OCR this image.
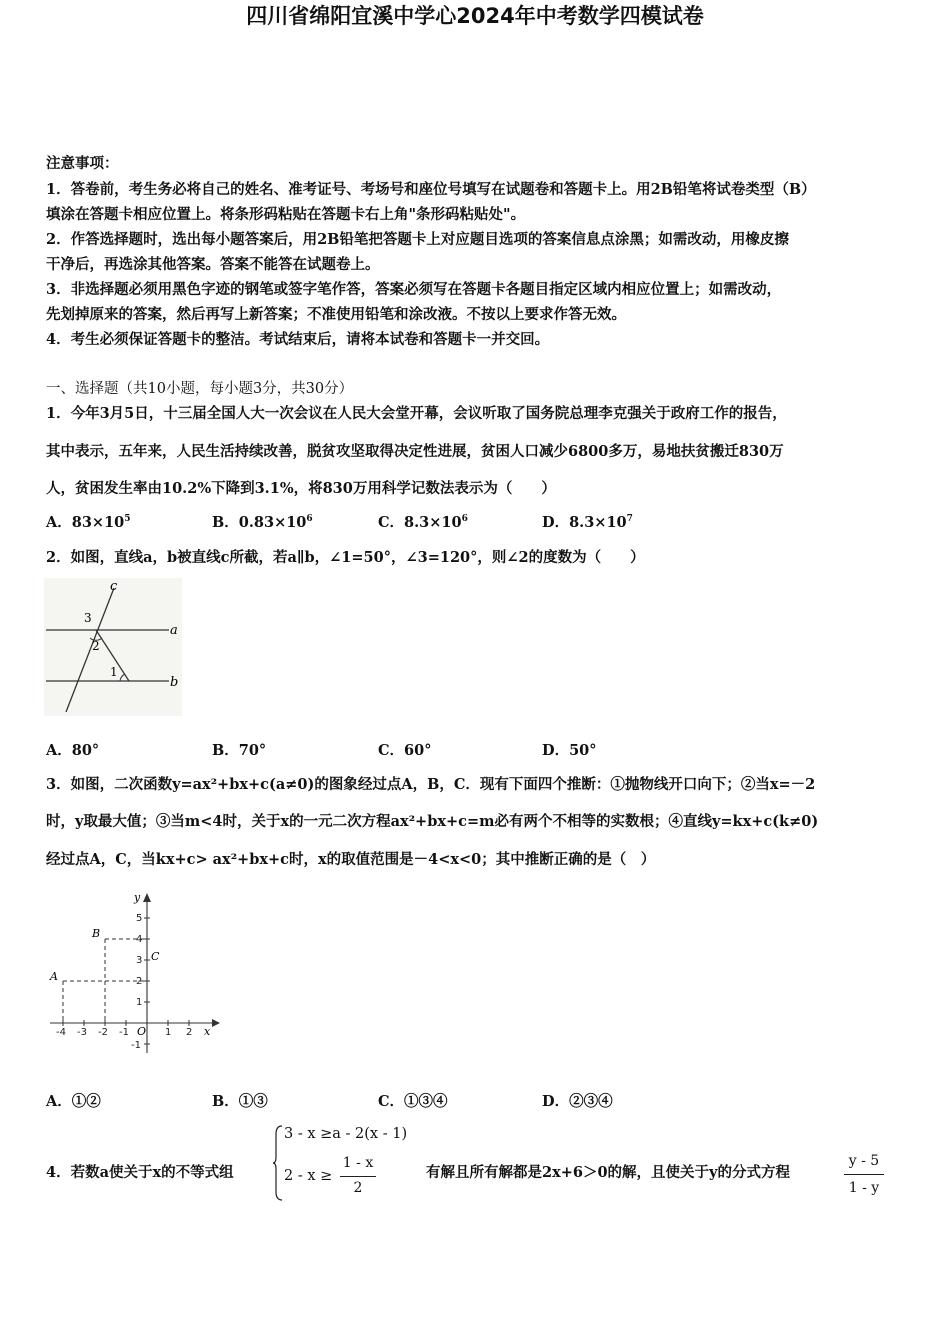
四川省绵阳宜溪中学心2024年中考数学四模试卷
注意事项：
1．答卷前，考生务必将自己的姓名、准考证号、考场号和座位号填写在试题卷和答题卡上。用2B铅笔将试卷类型（B）
填涂在答题卡相应位置上。将条形码粘贴在答题卡右上角"条形码粘贴处"。
2．作答选择题时，选出每小题答案后，用2B铅笔把答题卡上对应题目选项的答案信息点涂黑；如需改动，用橡皮擦
干净后，再选涂其他答案。答案不能答在试题卷上。
3．非选择题必须用黑色字迹的钢笔或签字笔作答，答案必须写在答题卡各题目指定区域内相应位置上；如需改动，
先划掉原来的答案，然后再写上新答案；不准使用铅笔和涂改液。不按以上要求作答无效。
4．考生必须保证答题卡的整洁。考试结束后，请将本试卷和答题卡一并交回。
一、选择题（共10小题，每小题3分，共30分）
1．今年3月5日，十三届全国人大一次会议在人民大会堂开幕，会议听取了国务院总理李克强关于政府工作的报告，
其中表示，五年来，人民生活持续改善，脱贫攻坚取得决定性进展，贫困人口减少6800多万，易地扶贫搬迁830万
人，贫困发生率由10.2%下降到3.1%，将830万用科学记数法表示为（　　）
A．$83\times 10^5$	B．$0.83\times 10^6$	C．$8.3\times 10^6$	D．$8.3\times 10^7$
2．如图，直线a，b被直线c所截，若a∥b，∠1=50°，∠3=120°，则∠2的度数为（　　）
c
a
b
3
2
1
A．80°	B．70°	C．60°	D．50°
3．如图，二次函数y=ax²+bx+c(a≠0)的图象经过点A，B，C．现有下面四个推断：①抛物线开口向下；②当x=－2
时，y取最大值；③当m<4时，关于x的一元二次方程ax²+bx+c=m必有两个不相等的实数根；④直线y=kx+c(k≠0)
经过点A，C，当kx+c> ax²+bx+c时，x的取值范围是－4<x<0；其中推断正确的是（　）
y
x
A
B
C
O
5
4
3
2
1
-1
-4 -3 -2 -1	1 2
A．①②	B．①③	C．①③④	D．②③④
4．若数a使关于x的不等式组
3 - x ≥a - 2(x - 1)
2 - x ≥
1 - x
2
有解且所有解都是2x+6＞0的解，且使关于y的分式方程
y - 5
1 - y
